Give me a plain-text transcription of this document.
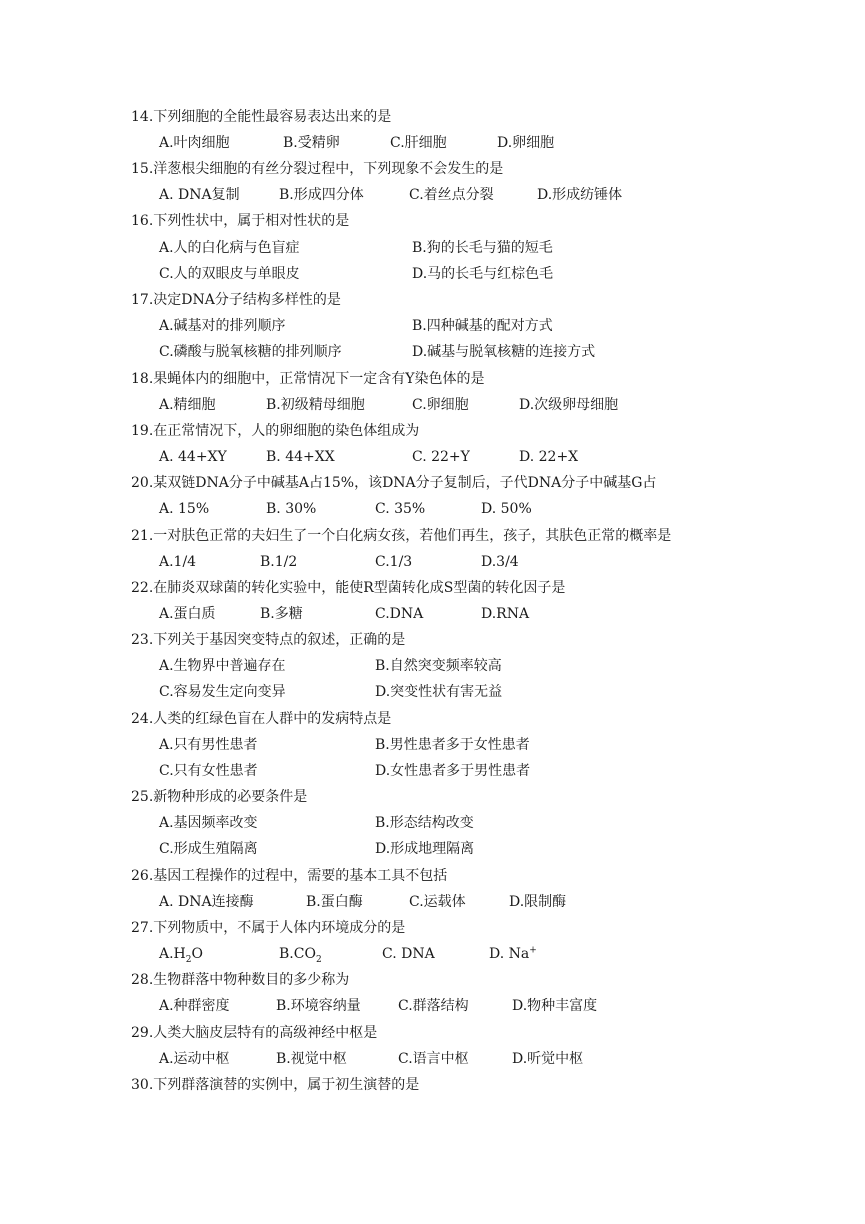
14.下列细胞的全能性最容易表达出来的是
A.叶肉细胞	B.受精卵	C.肝细胞	D.卵细胞
15.洋葱根尖细胞的有丝分裂过程中，下列现象不会发生的是
A. DNA复制	B.形成四分体	C.着丝点分裂	D.形成纺锤体
16.下列性状中，属于相对性状的是
A.人的白化病与色盲症	B.狗的长毛与猫的短毛
C.人的双眼皮与单眼皮	D.马的长毛与红棕色毛
17.决定DNA分子结构多样性的是
A.碱基对的排列顺序	B.四种碱基的配对方式
C.磷酸与脱氧核糖的排列顺序	D.碱基与脱氧核糖的连接方式
18.果蝇体内的细胞中，正常情况下一定含有Y染色体的是
A.精细胞	B.初级精母细胞	C.卵细胞	D.次级卵母细胞
19.在正常情况下，人的卵细胞的染色体组成为
A. 44+XY	B. 44+XX	C. 22+Y	D. 22+X
20.某双链DNA分子中碱基A占15%，该DNA分子复制后，子代DNA分子中碱基G占
A. 15%	B. 30%	C. 35%	D. 50%
21.一对肤色正常的夫妇生了一个白化病女孩，若他们再生，孩子，其肤色正常的概率是
A.1/4	B.1/2	C.1/3	D.3/4
22.在肺炎双球菌的转化实验中，能使R型菌转化成S型菌的转化因子是
A.蛋白质	B.多糖	C.DNA	D.RNA
23.下列关于基因突变特点的叙述，正确的是
A.生物界中普遍存在	B.自然突变频率较高
C.容易发生定向变异	D.突变性状有害无益
24.人类的红绿色盲在人群中的发病特点是
A.只有男性患者	B.男性患者多于女性患者
C.只有女性患者	D.女性患者多于男性患者
25.新物种形成的必要条件是
A.基因频率改变	B.形态结构改变
C.形成生殖隔离	D.形成地理隔离
26.基因工程操作的过程中，需要的基本工具不包括
A. DNA连接酶	B.蛋白酶	C.运载体	D.限制酶
27.下列物质中，不属于人体内环境成分的是
$A.H_2O$	$B.CO_2$	C. DNA	D. Na+
28.生物群落中物种数目的多少称为
A.种群密度	B.环境容纳量	C.群落结构	D.物种丰富度
29.人类大脑皮层特有的高级神经中枢是
A.运动中枢	B.视觉中枢	C.语言中枢	D.听觉中枢
30.下列群落演替的实例中，属于初生演替的是
